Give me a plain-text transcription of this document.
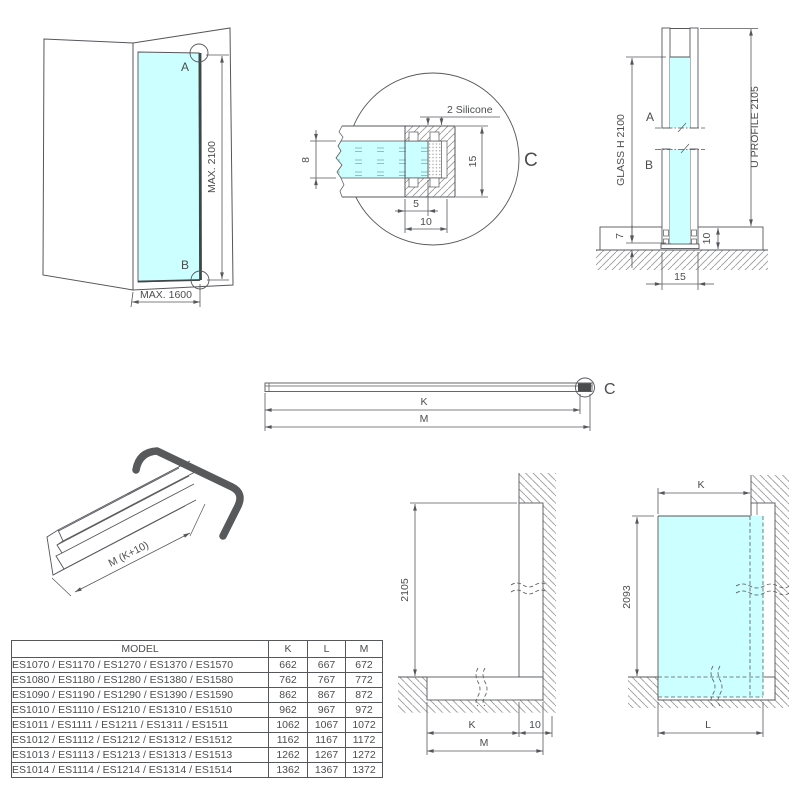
A
B
MAX. 2100
MAX. 1600
2 Silicone
8	15
5
10
C
A
B
GLASS H 2100	U PROFILE 2105
7	10
15
C
K
M
M (K+10)
2105
K	10
M
K
2093
L
MODEL	K	L	M
ES1070 / ES1170 / ES1270 / ES1370 / ES1570	662	667	672
ES1080 / ES1180 / ES1280 / ES1380 / ES1580	762	767	772
ES1090 / ES1190 / ES1290 / ES1390 / ES1590	862	867	872
ES1010 / ES1110 / ES1210 / ES1310 / ES1510	962	967	972
ES1011 / ES1111 / ES1211 / ES1311 / ES1511	1062	1067	1072
ES1012 / ES1112 / ES1212 / ES1312 / ES1512	1162	1167	1172
ES1013 / ES1113 / ES1213 / ES1313 / ES1513	1262	1267	1272
ES1014 / ES1114 / ES1214 / ES1314 / ES1514	1362	1367	1372
